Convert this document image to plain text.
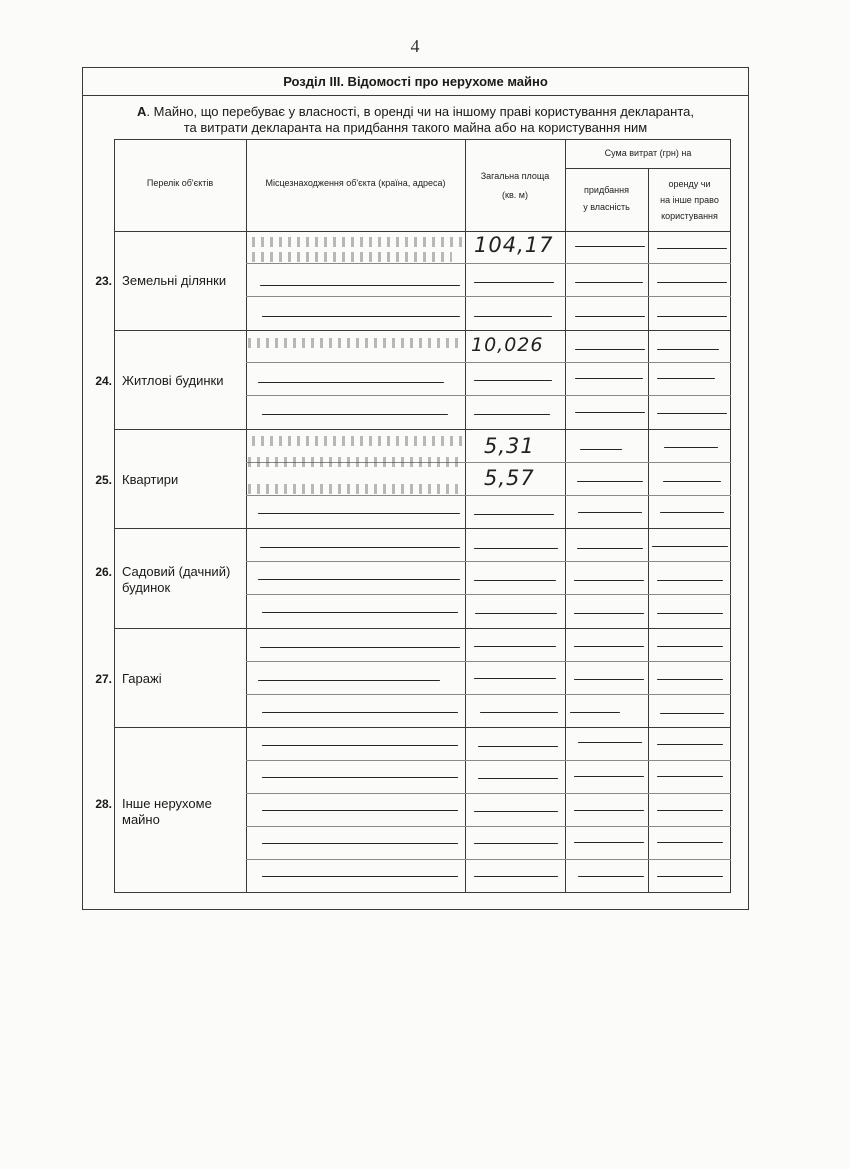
4
Розділ ІІІ. Відомості про нерухоме майно
А. Майно, що перебуває у власності, в оренді чи на іншому праві користування декларанта,
та витрати декларанта на придбання такого майна або на користування ним
Перелік об'єктів	Місцезнаходження об'єкта (країна, адреса)
Загальна площа
(кв. м)
Сума витрат (грн) на
придбання
у власність
оренду чи
на інше право
користування
23. Земельні ділянки
24. Житлові будинки
25. Квартири
26. Садовий (дачний) будинок
27. Гаражі
28. Інше нерухоме майно
104,17
10,026
5,31
5,57
